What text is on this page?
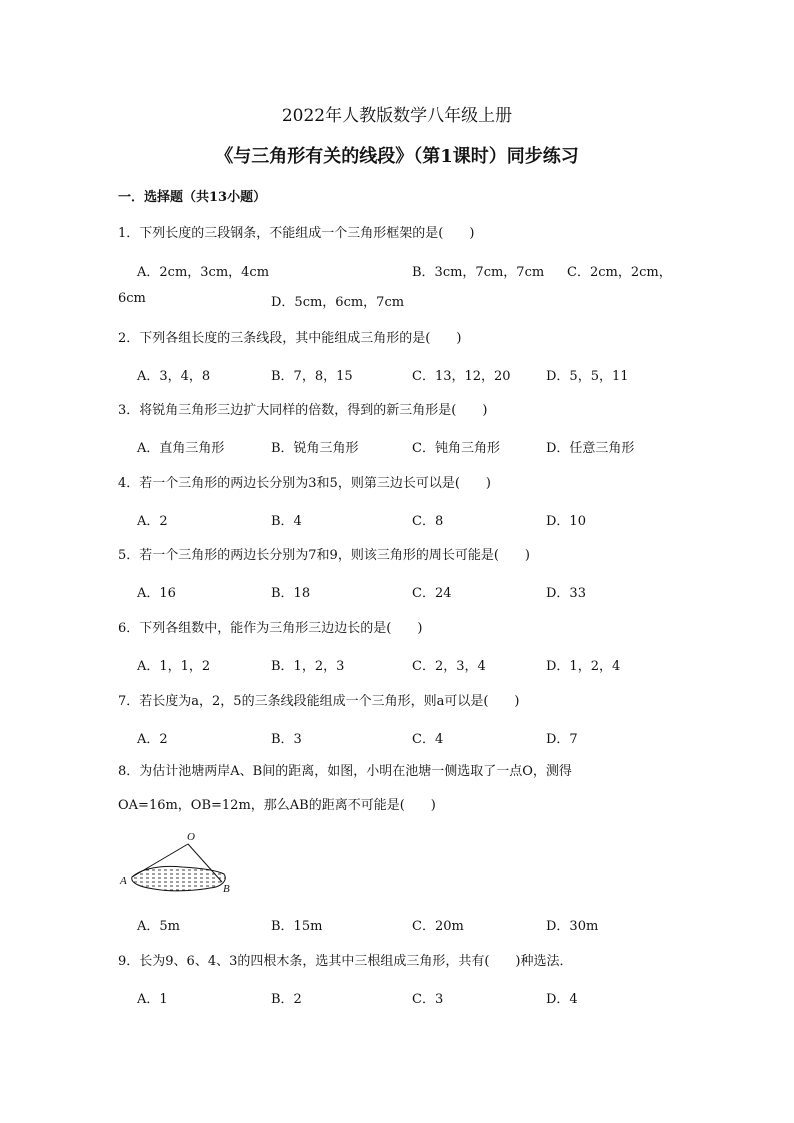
2022年人教版数学八年级上册
《与三角形有关的线段》（第1课时）同步练习
一．选择题（共13小题）
1．下列长度的三段钢条，不能组成一个三角形框架的是(　　)
A．2cm，3cm，4cm	B．3cm，7cm，7cm C．2cm，2cm，
6cm	D．5cm，6cm，7cm
2．下列各组长度的三条线段，其中能组成三角形的是(　　)
A．3，4，8	B．7，8，15	C．13，12，20	D．5，5，11
3．将锐角三角形三边扩大同样的倍数，得到的新三角形是(　　)
A．直角三角形	B．锐角三角形	C．钝角三角形	D．任意三角形
4．若一个三角形的两边长分别为3和5，则第三边长可以是(　　)
A．2	B．4	C．8	D．10
5．若一个三角形的两边长分别为7和9，则该三角形的周长可能是(　　)
A．16	B．18	C．24	D．33
6．下列各组数中，能作为三角形三边边长的是(　　)
A．1，1，2	B．1，2，3	C．2，3，4	D．1，2，4
7．若长度为a，2，5的三条线段能组成一个三角形，则a可以是(　　)
A．2	B．3	C．4	D．7
8．为估计池塘两岸A、B间的距离，如图，小明在池塘一侧选取了一点O，测得
OA=16m，OB=12m，那么AB的距离不可能是(　　)
O
A
B
A．5m	B．15m	C．20m	D．30m
9．长为9、6、4、3的四根木条，选其中三根组成三角形，共有(　　)种选法．
A．1	B．2	C．3	D．4
